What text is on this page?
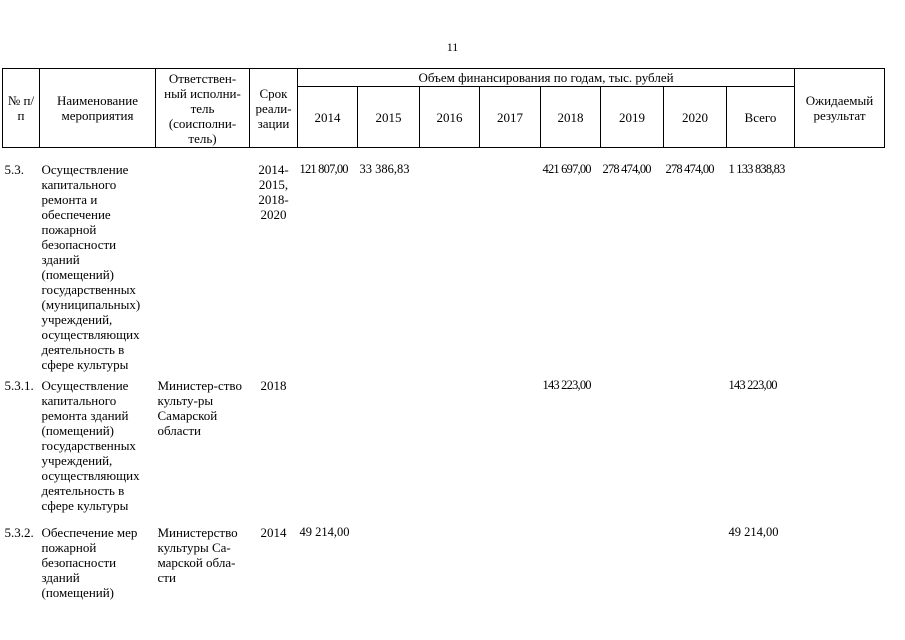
11
№ п/п	Наименование мероприятия	Ответствен-ный исполни-тель (соисполни-тель)	Срок реали-зации	Объем финансирования по годам, тыс. рублей								Ожидаемый результат
				2014	2015	2016	2017	2018	2019	2020	Всего	
5.3.	Осуществление капитального ремонта и обеспечение пожарной безопасности зданий (помещений) государственных (муниципальных) учреждений, осуществляющих деятельность в сфере культуры		2014-2015, 2018-2020	121 807,00	33 386,83			421 697,00	278 474,00	278 474,00	1 133 838,83	
5.3.1.	Осуществление капитального ремонта зданий (помещений) государственных учреждений, осуществляющих деятельность в сфере культуры	Министер-ство культу-ры Самарской области	2018					143 223,00			143 223,00	
5.3.2.	Обеспечение мер пожарной безопасности зданий (помещений)	Министерство культуры Са-марской обла-сти	2014	49 214,00							49 214,00	
